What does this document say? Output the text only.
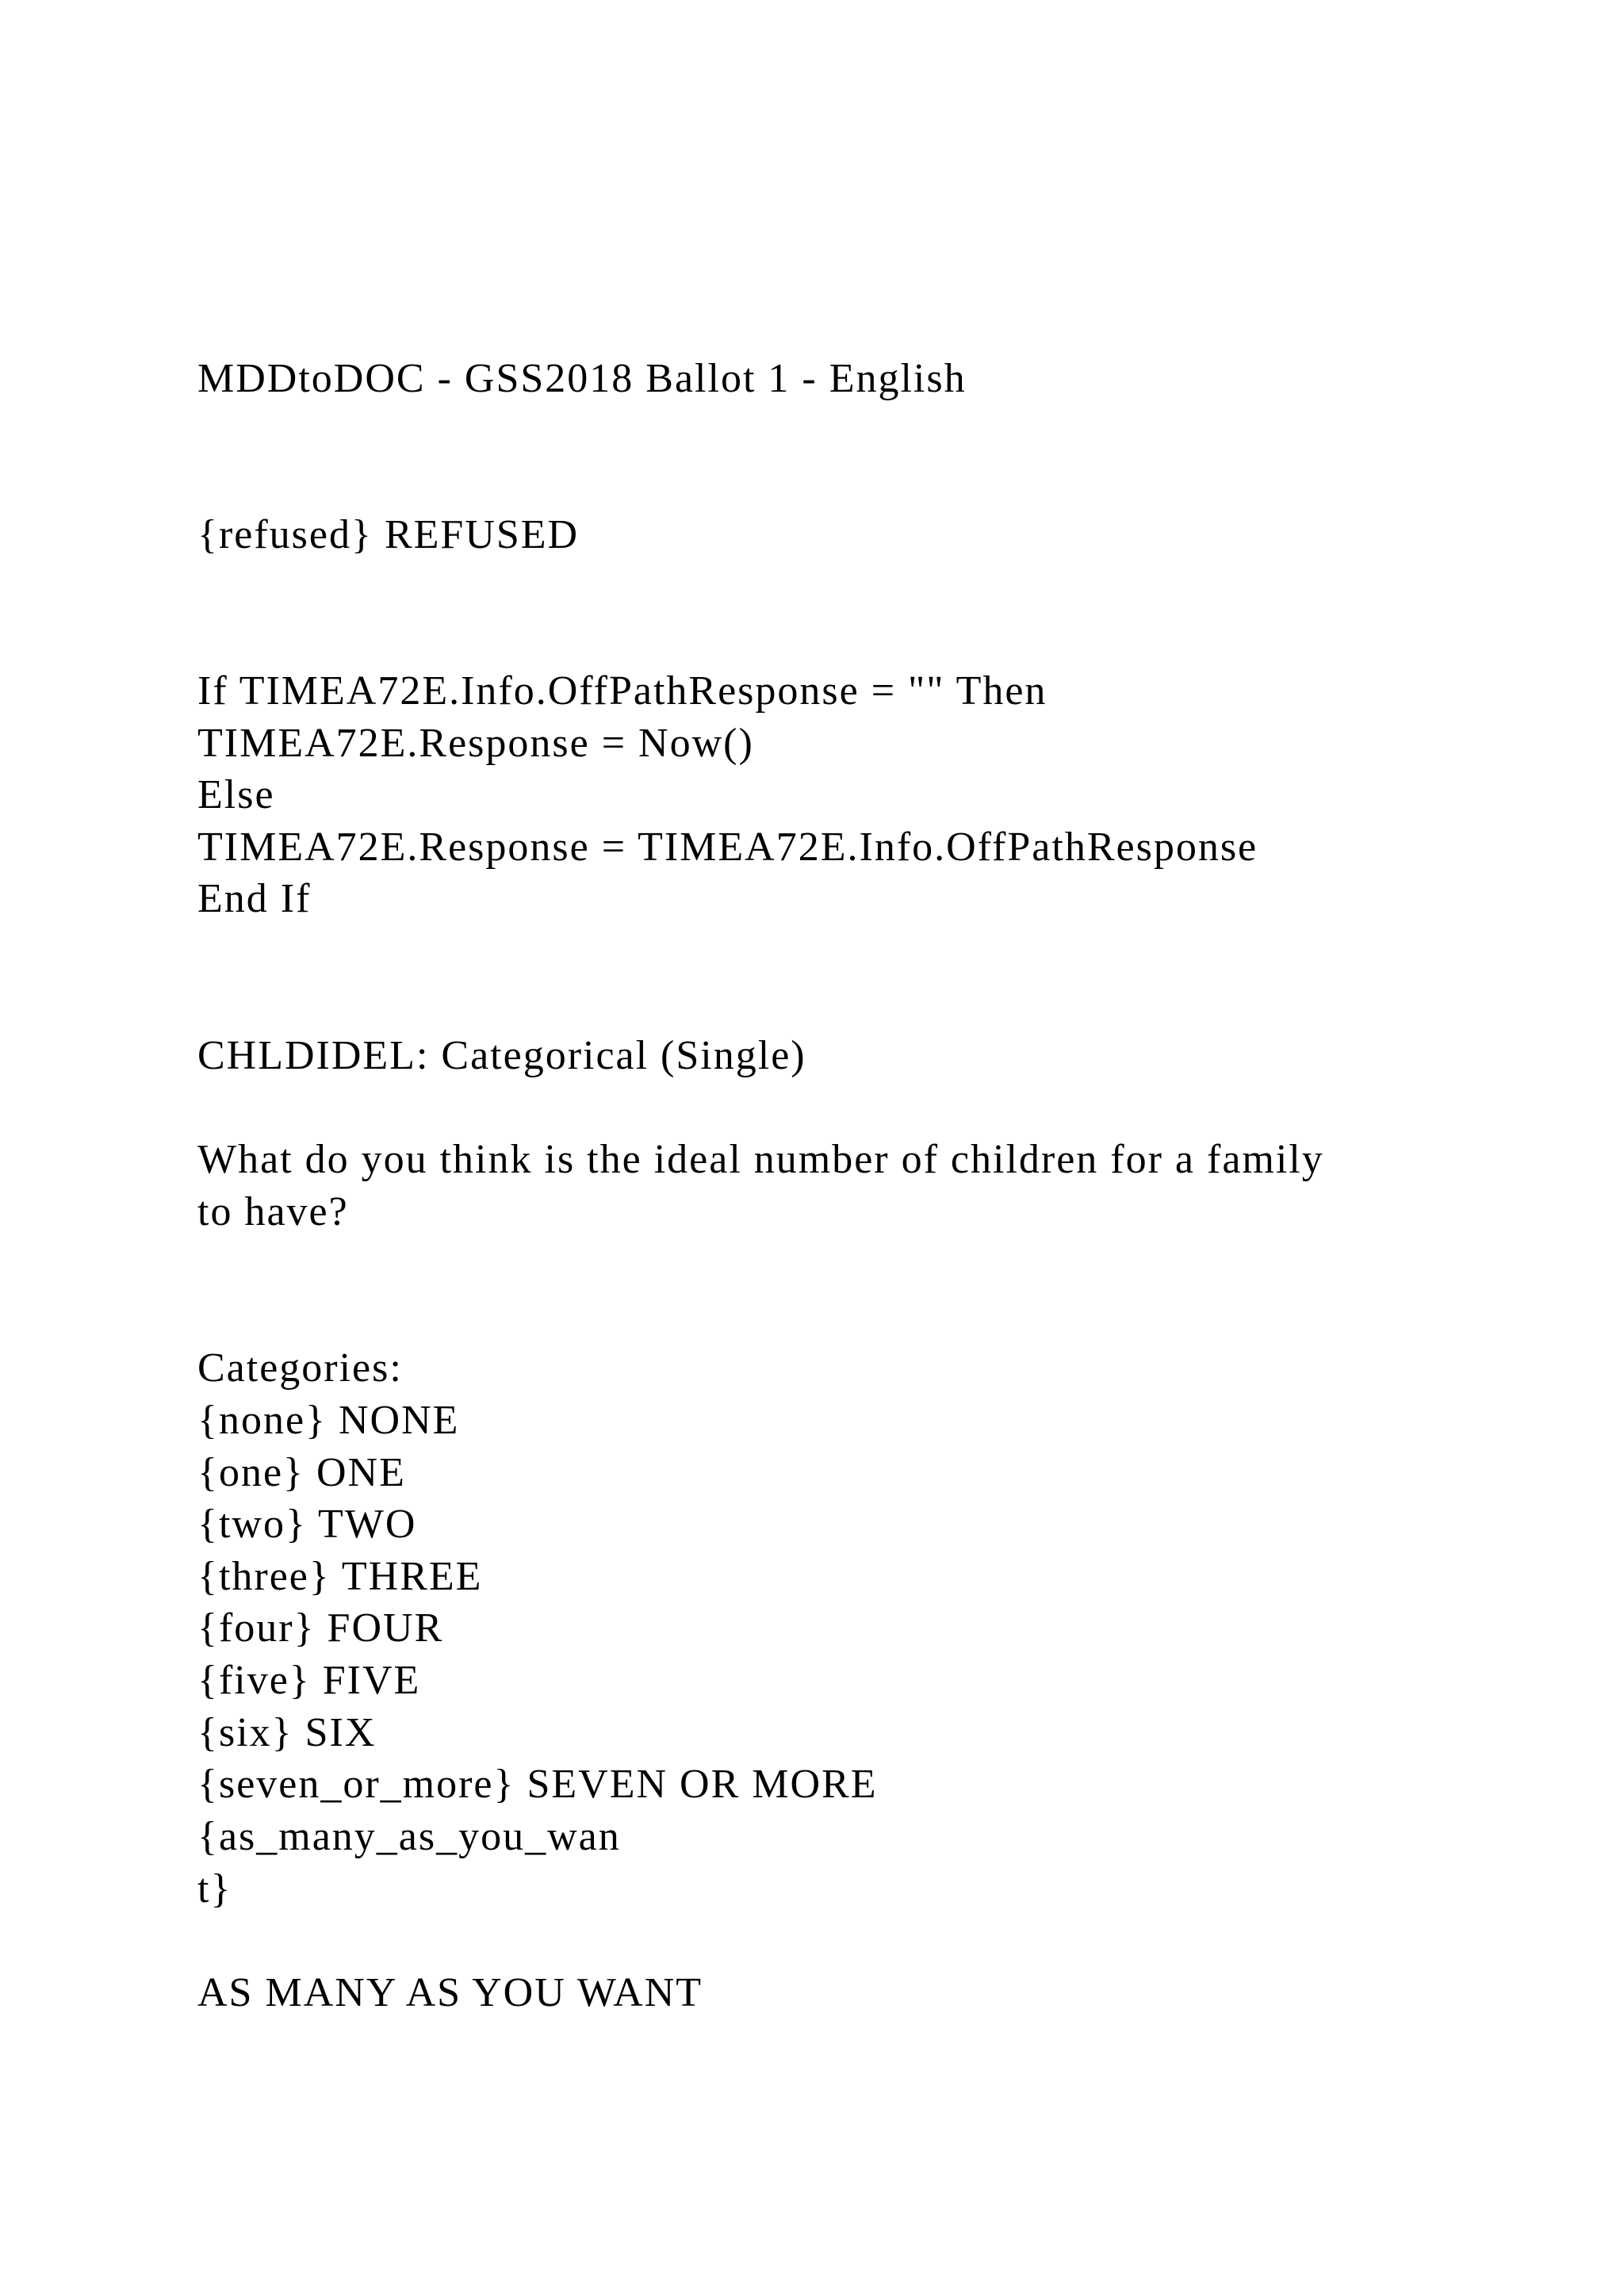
MDDtoDOC - GSS2018 Ballot 1 - English
{refused} REFUSED
If TIMEA72E.Info.OffPathResponse = "" Then
TIMEA72E.Response = Now()
Else
TIMEA72E.Response = TIMEA72E.Info.OffPathResponse
End If
CHLDIDEL: Categorical (Single)
What do you think is the ideal number of children for a family
to have?
Categories:
{none} NONE
{one} ONE
{two} TWO
{three} THREE
{four} FOUR
{five} FIVE
{six} SIX
{seven_or_more} SEVEN OR MORE
{as_many_as_you_wan
t}
AS MANY AS YOU WANT
